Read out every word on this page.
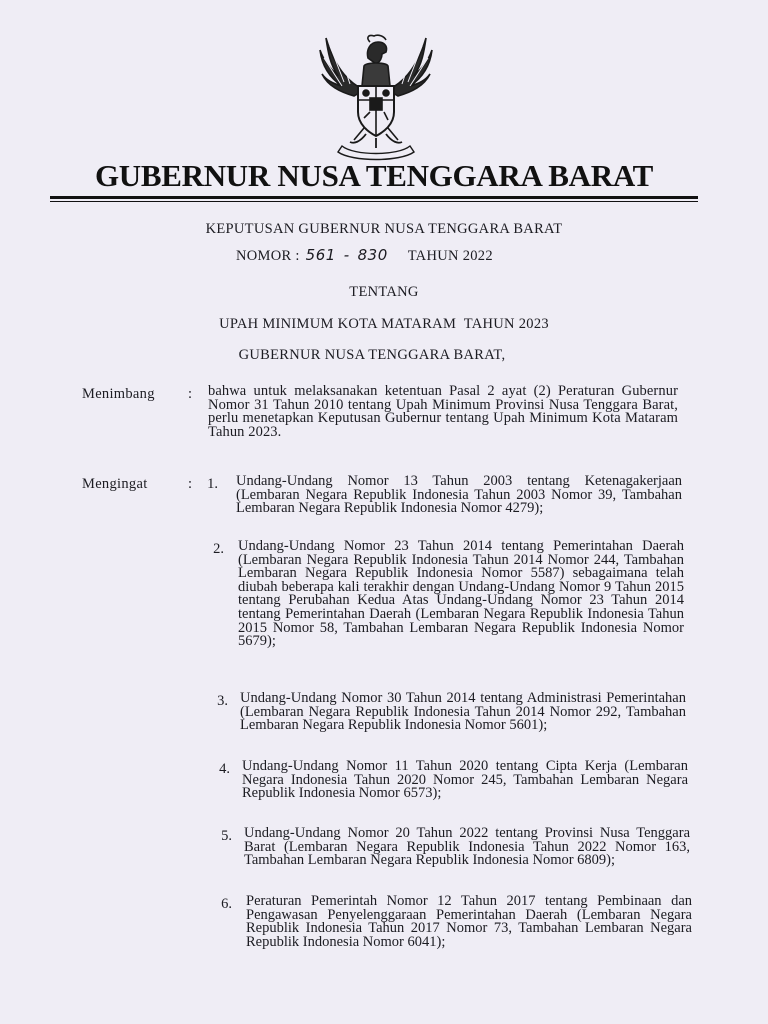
GUBERNUR NUSA TENGGARA BARAT
KEPUTUSAN GUBERNUR NUSA TENGGARA BARAT
NOMOR : 561 - 830 TAHUN 2022
TENTANG
UPAH MINIMUM KOTA MATARAM  TAHUN 2023
GUBERNUR NUSA TENGGARA BARAT,
Menimbang : bahwa untuk melaksanakan ketentuan Pasal 2 ayat (2) Peraturan Gubernur Nomor 31 Tahun 2010 tentang Upah Minimum Provinsi Nusa Tenggara Barat, perlu menetapkan Keputusan Gubernur tentang Upah Minimum Kota Mataram Tahun 2023.
Mengingat	:	1. Undang-Undang Nomor 13 Tahun 2003 tentang Ketenagakerjaan (Lembaran Negara Republik Indonesia Tahun 2003 Nomor 39, Tambahan Lembaran Negara Republik Indonesia Nomor 4279);
2. Undang-Undang Nomor 23 Tahun 2014 tentang Pemerintahan Daerah (Lembaran Negara Republik Indonesia Tahun 2014 Nomor 244, Tambahan Lembaran Negara Republik Indonesia Nomor 5587) sebagaimana telah diubah beberapa kali terakhir dengan Undang-Undang Nomor 9 Tahun 2015 tentang Perubahan Kedua Atas Undang-Undang Nomor 23 Tahun 2014 tentang Pemerintahan Daerah (Lembaran Negara Republik Indonesia Tahun 2015 Nomor 58, Tambahan Lembaran Negara Republik Indonesia Nomor 5679);
3. Undang-Undang Nomor 30 Tahun 2014 tentang Administrasi Pemerintahan (Lembaran Negara Republik Indonesia Tahun 2014 Nomor 292, Tambahan Lembaran Negara Republik Indonesia Nomor 5601);
4. Undang-Undang Nomor 11 Tahun 2020 tentang Cipta Kerja (Lembaran Negara Indonesia Tahun 2020 Nomor 245, Tambahan Lembaran Negara Republik Indonesia Nomor 6573);
5. Undang-Undang Nomor 20 Tahun 2022 tentang Provinsi Nusa Tenggara Barat (Lembaran Negara Republik Indonesia Tahun 2022 Nomor 163, Tambahan Lembaran Negara Republik Indonesia Nomor 6809);
6. Peraturan Pemerintah Nomor 12 Tahun 2017 tentang Pembinaan dan Pengawasan Penyelenggaraan Pemerintahan Daerah (Lembaran Negara Republik Indonesia Tahun 2017 Nomor 73, Tambahan Lembaran Negara Republik Indonesia Nomor 6041);
